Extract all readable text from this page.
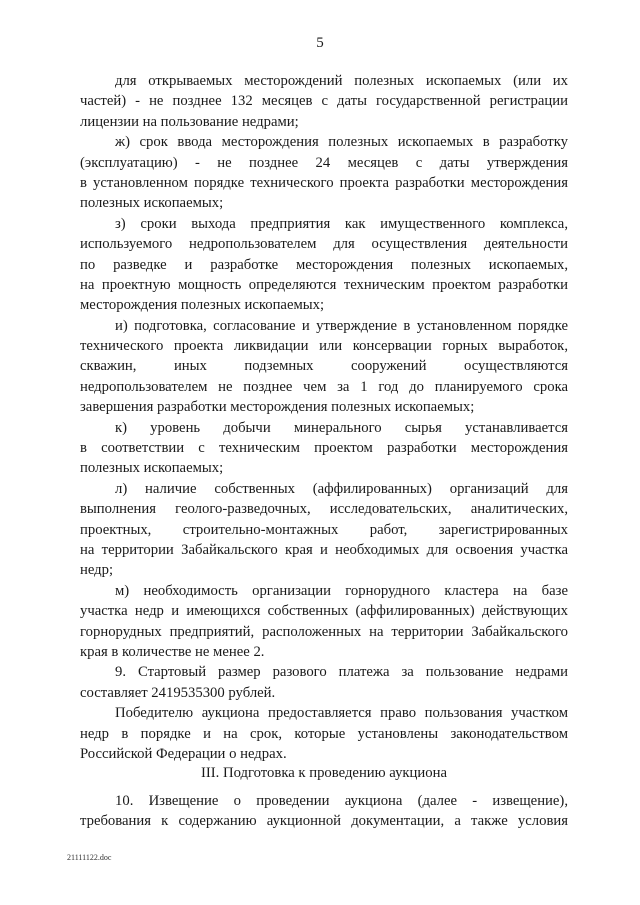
5
для открываемых месторождений полезных ископаемых (или их
частей) - не позднее 132 месяцев с даты государственной регистрации
лицензии на пользование недрами;
ж) срок ввода месторождения полезных ископаемых в разработку
(эксплуатацию) - не позднее 24 месяцев с даты утверждения
в установленном порядке технического проекта разработки месторождения
полезных ископаемых;
з) сроки выхода предприятия как имущественного комплекса,
используемого недропользователем для осуществления деятельности
по разведке и разработке месторождения полезных ископаемых,
на проектную мощность определяются техническим проектом разработки
месторождения полезных ископаемых;
и) подготовка, согласование и утверждение в установленном порядке
технического проекта ликвидации или консервации горных выработок,
скважин, иных подземных сооружений осуществляются
недропользователем не позднее чем за 1 год до планируемого срока
завершения разработки месторождения полезных ископаемых;
к) уровень добычи минерального сырья устанавливается
в соответствии с техническим проектом разработки месторождения
полезных ископаемых;
л) наличие собственных (аффилированных) организаций для
выполнения геолого-разведочных, исследовательских, аналитических,
проектных, строительно-монтажных работ, зарегистрированных
на территории Забайкальского края и необходимых для освоения участка
недр;
м) необходимость организации горнорудного кластера на базе
участка недр и имеющихся собственных (аффилированных) действующих
горнорудных предприятий, расположенных на территории Забайкальского
края в количестве не менее 2.
9. Стартовый размер разового платежа за пользование недрами
составляет 2419535300 рублей.
Победителю аукциона предоставляется право пользования участком
недр в порядке и на срок, которые установлены законодательством
Российской Федерации о недрах.
III. Подготовка к проведению аукциона
10. Извещение о проведении аукциона (далее - извещение),
требования к содержанию аукционной документации, а также условия
21111122.doc
